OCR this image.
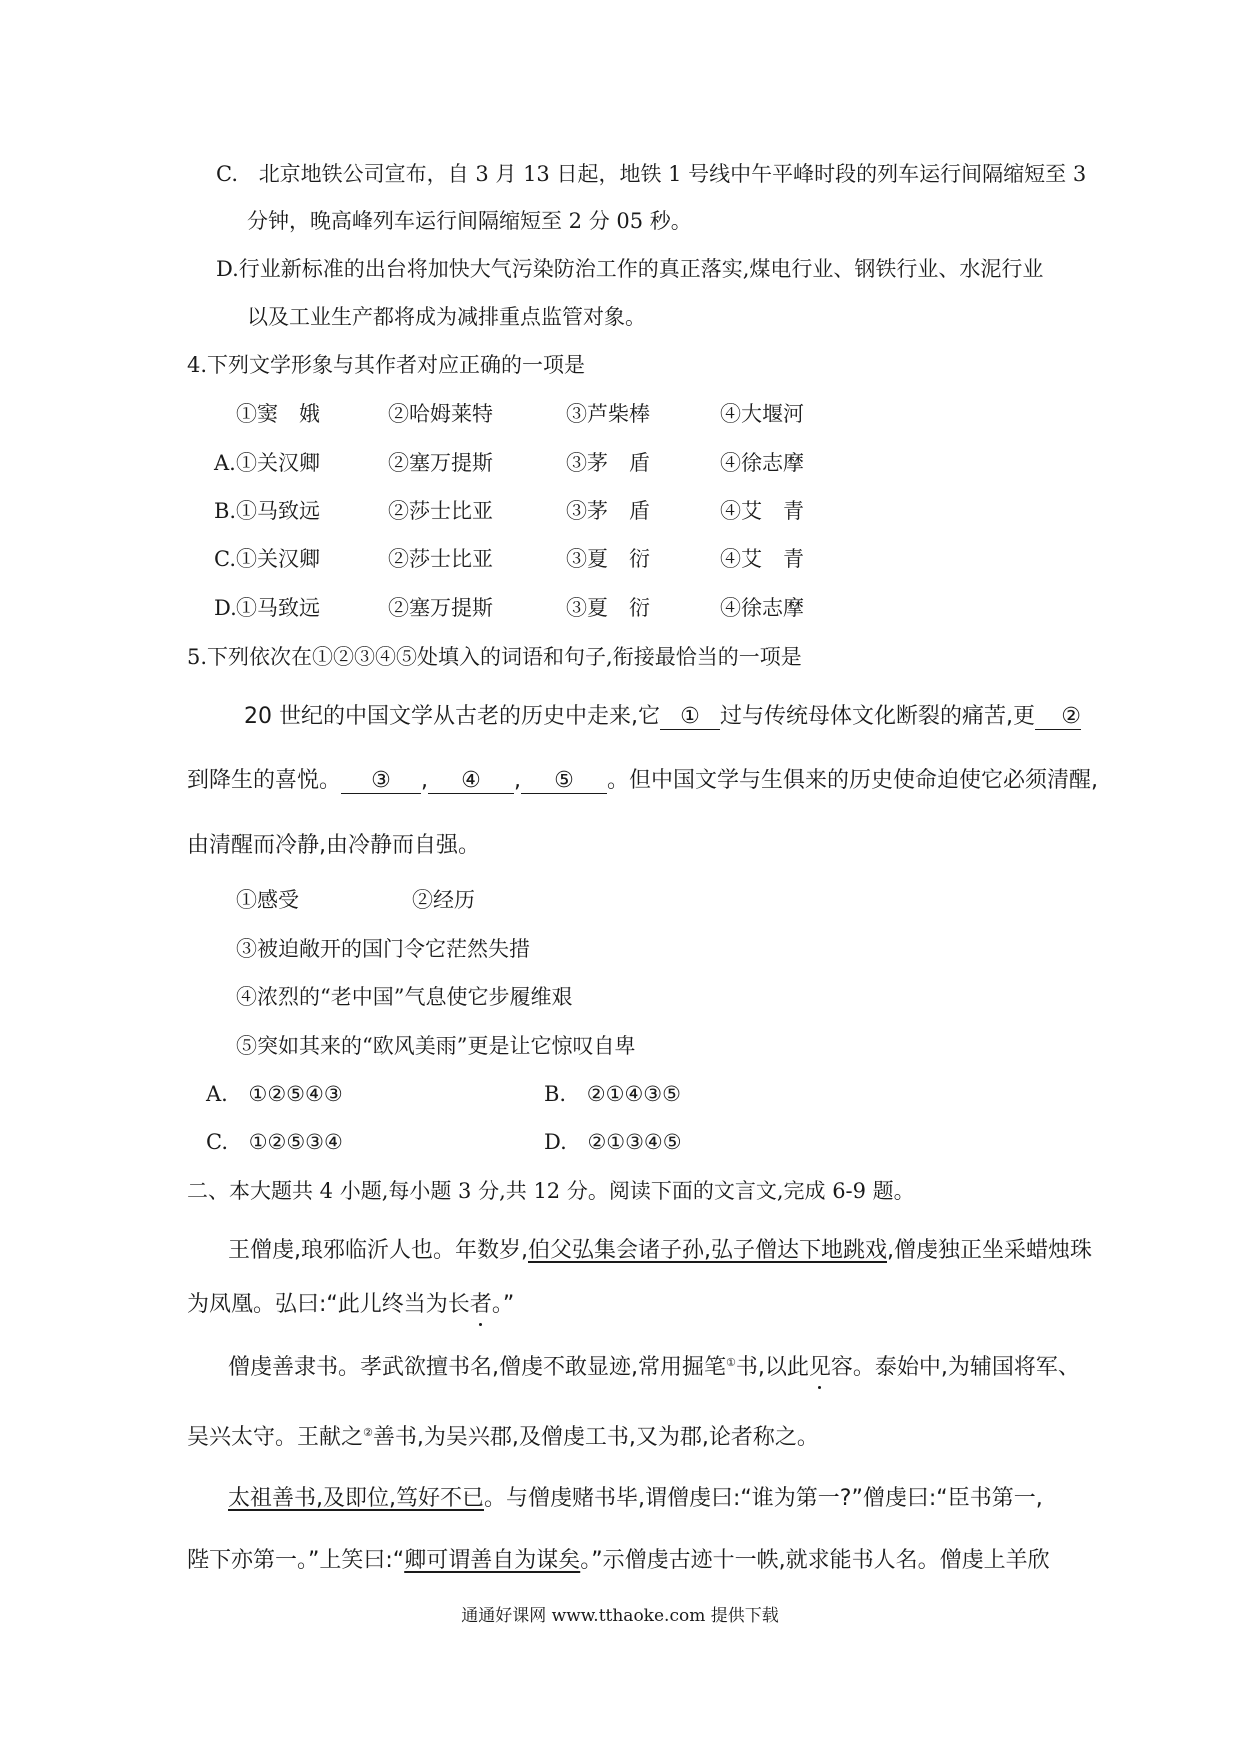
C. 北京地铁公司宣布，自 3 月 13 日起，地铁 1 号线中午平峰时段的列车运行间隔缩短至 3
分钟，晚高峰列车运行间隔缩短至 2 分 05 秒。
D.行业新标准的出台将加快大气污染防治工作的真正落实,煤电行业、钢铁行业、水泥行业
以及工业生产都将成为减排重点监管对象。
4.下列文学形象与其作者对应正确的一项是
①窦　娥	②哈姆莱特	③芦柴棒	④大堰河
A. ①关汉卿	②塞万提斯	③茅　盾	④徐志摩
B. ①马致远	②莎士比亚	③茅　盾	④艾　青
C. ①关汉卿	②莎士比亚	③夏　衍	④艾　青
D. ①马致远	②塞万提斯	③夏　衍	④徐志摩
5.下列依次在①②③④⑤处填入的词语和句子,衔接最恰当的一项是
20 世纪的中国文学从古老的历史中走来,它 ① 过与传统母体文化断裂的痛苦,更 ②
到降生的喜悦。 ③ , ④ , ⑤ 。但中国文学与生俱来的历史使命迫使它必须清醒,
由清醒而冷静,由冷静而自强。
①感受	②经历
③被迫敞开的国门令它茫然失措
④浓烈的“老中国”气息使它步履维艰
⑤突如其来的“欧风美雨”更是让它惊叹自卑
A. ①②⑤④③	B. ②①④③⑤
C. ①②⑤③④	D. ②①③④⑤
二、本大题共 4 小题,每小题 3 分,共 12 分。阅读下面的文言文,完成 6-9 题。
王僧虔,琅邪临沂人也。年数岁,伯父弘集会诸子孙,弘子僧达下地跳戏,僧虔独正坐采蜡烛珠
为凤凰。弘曰:“此儿终当为长者。”
僧虔善隶书。孝武欲擅书名,僧虔不敢显迹,常用掘笔①书,以此见容。泰始中,为辅国将军、
吴兴太守。王献之②善书,为吴兴郡,及僧虔工书,又为郡,论者称之。
太祖善书,及即位,笃好不已。与僧虔赌书毕,谓僧虔曰:“谁为第一?”僧虔曰:“臣书第一,
陛下亦第一。”上笑曰:“卿可谓善自为谋矣。”示僧虔古迹十一帙,就求能书人名。僧虔上羊欣
通通好课网 www.tthaoke.com 提供下载
